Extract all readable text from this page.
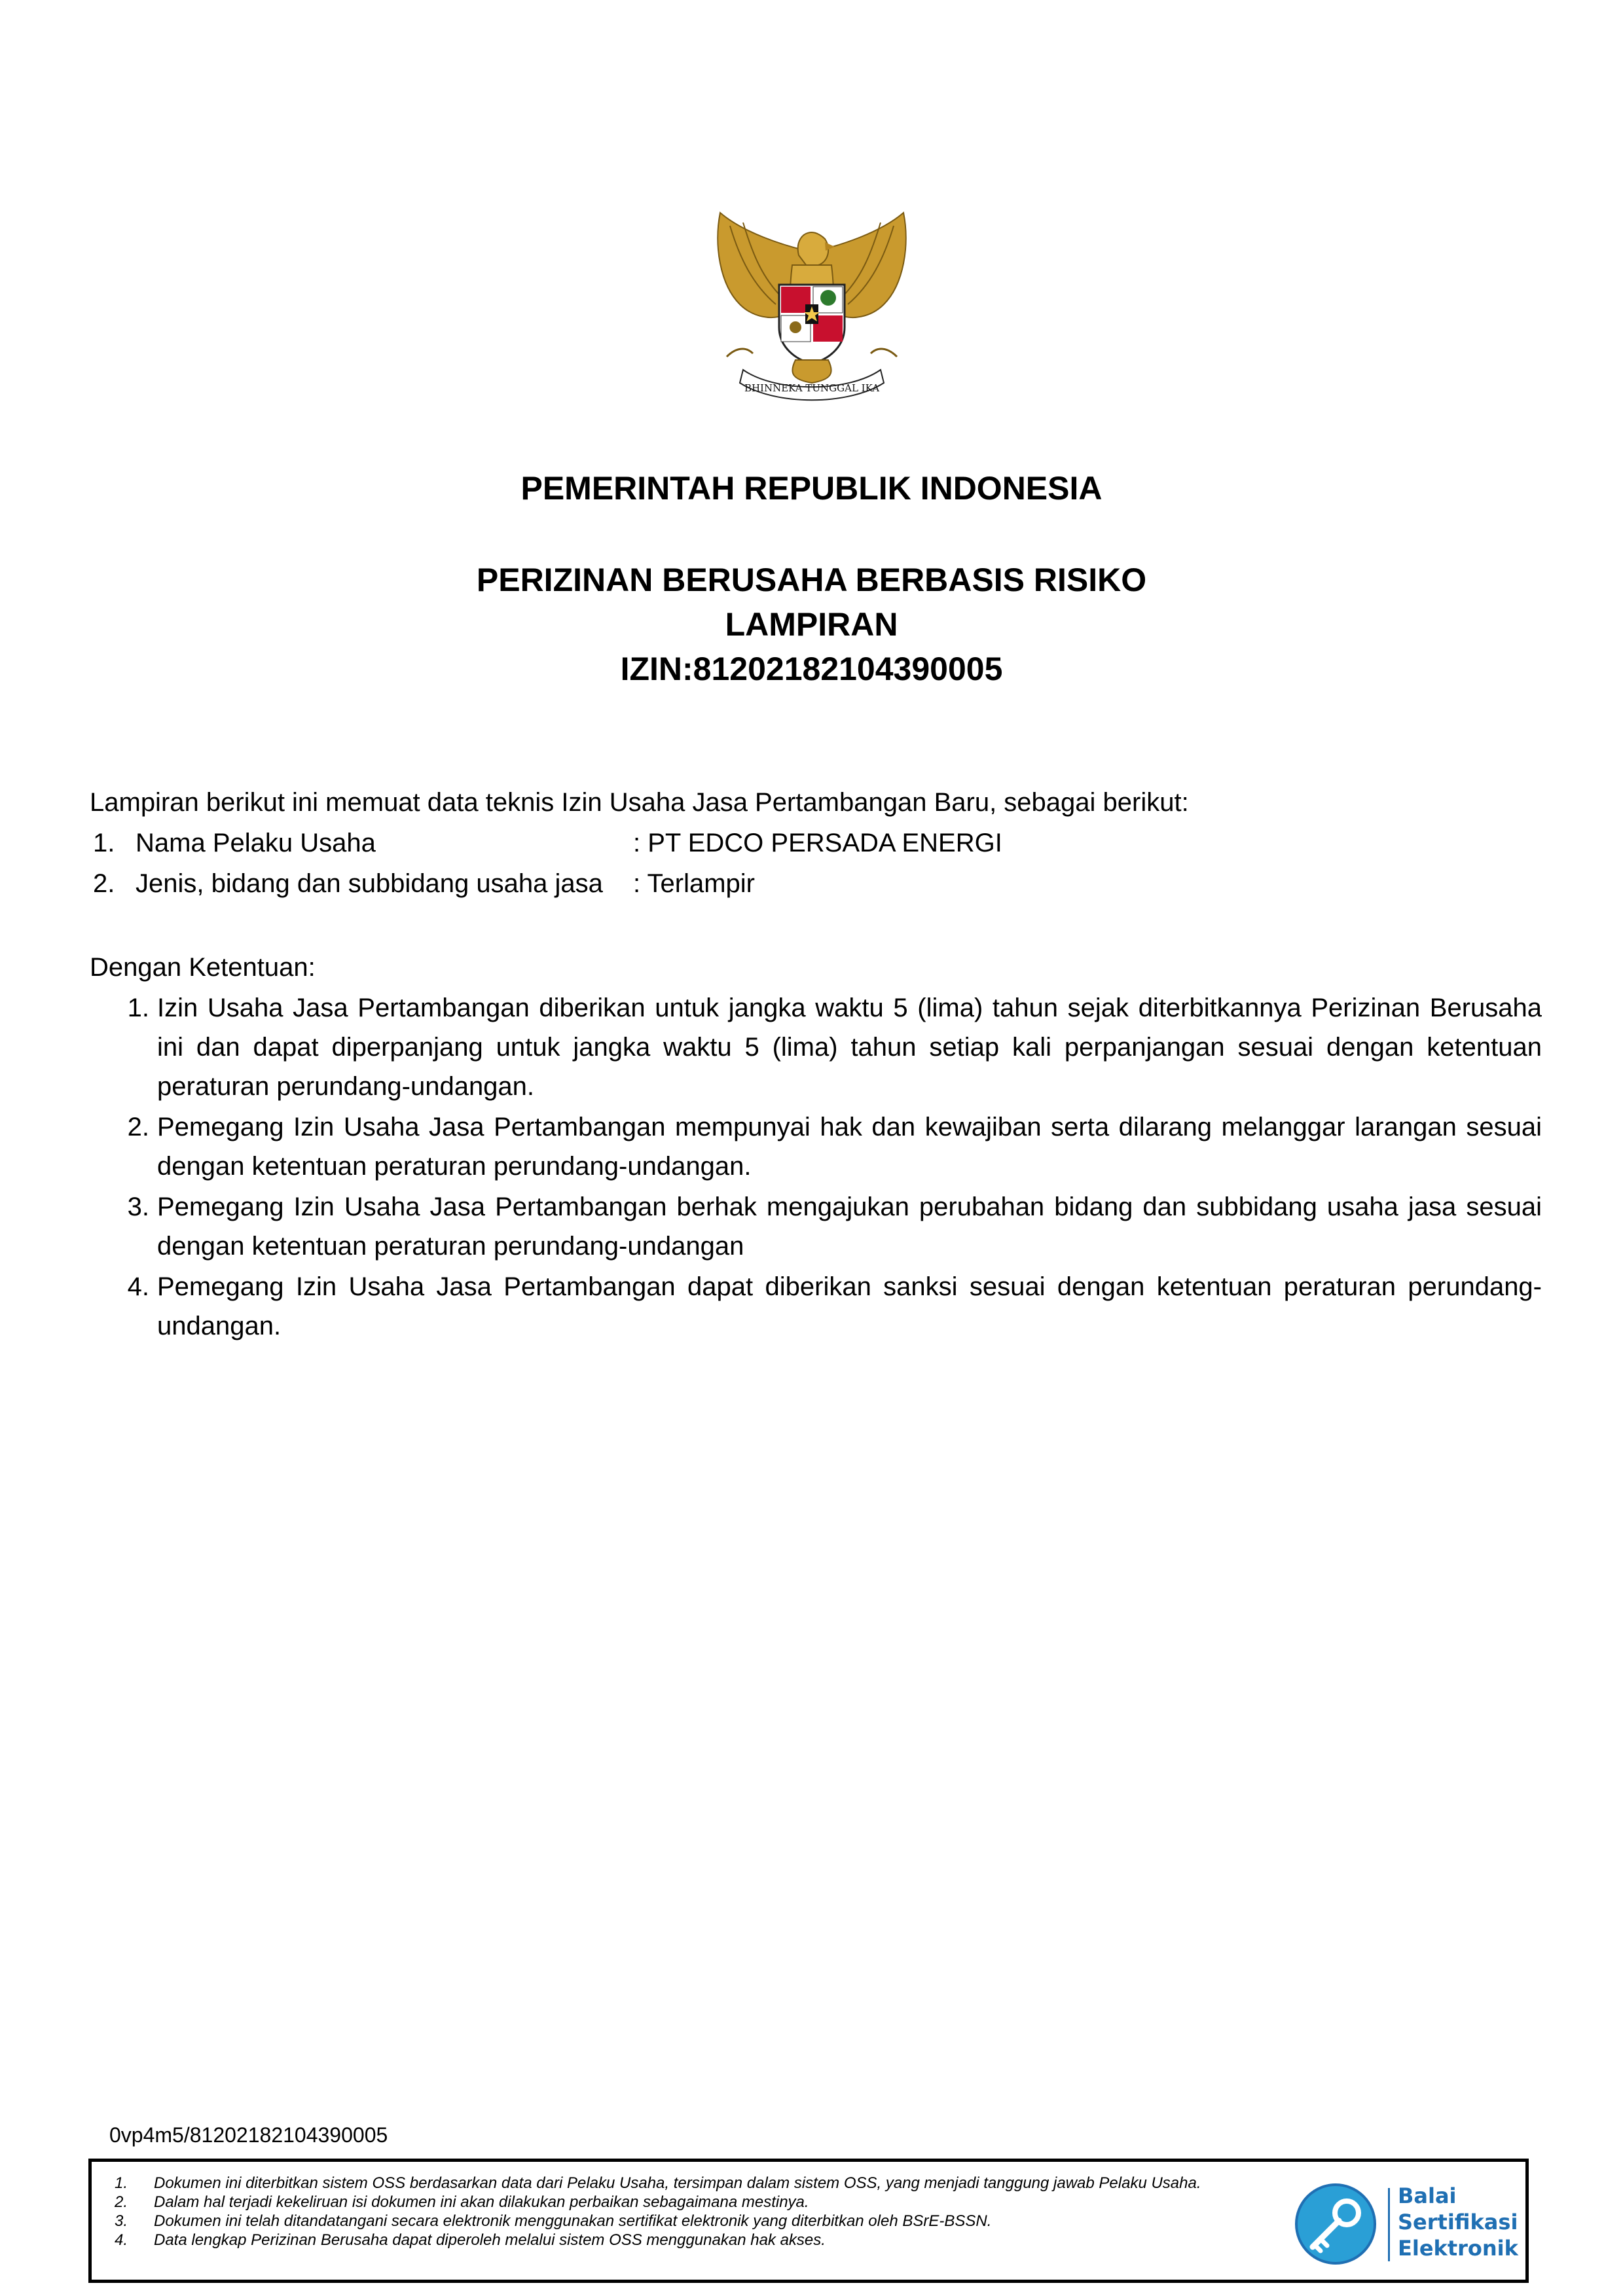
BHINNEKA TUNGGAL IKA
PEMERINTAH REPUBLIK INDONESIA
PERIZINAN BERUSAHA BERBASIS RISIKO
LAMPIRAN
IZIN:81202182104390005
Lampiran berikut ini memuat data teknis Izin Usaha Jasa Pertambangan Baru, sebagai berikut:
1. Nama Pelaku Usaha	: PT EDCO PERSADA ENERGI
2. Jenis, bidang dan subbidang usaha jasa	: Terlampir
Dengan Ketentuan:
1. Izin Usaha Jasa Pertambangan diberikan untuk jangka waktu 5 (lima) tahun sejak diterbitkannya Perizinan Berusaha ini dan dapat diperpanjang untuk jangka waktu 5 (lima) tahun setiap kali perpanjangan sesuai dengan ketentuan peraturan perundang-undangan.
2. Pemegang Izin Usaha Jasa Pertambangan mempunyai hak dan kewajiban serta dilarang melanggar larangan sesuai dengan ketentuan peraturan perundang-undangan.
3. Pemegang Izin Usaha Jasa Pertambangan berhak mengajukan perubahan bidang dan subbidang usaha jasa sesuai dengan ketentuan peraturan perundang-undangan
4. Pemegang Izin Usaha Jasa Pertambangan dapat diberikan sanksi sesuai dengan ketentuan peraturan perundang-undangan.
0vp4m5/81202182104390005
1.	Dokumen ini diterbitkan sistem OSS berdasarkan data dari Pelaku Usaha, tersimpan dalam sistem OSS, yang menjadi tanggung jawab Pelaku Usaha.
2.	Dalam hal terjadi kekeliruan isi dokumen ini akan dilakukan perbaikan sebagaimana mestinya.
3.	Dokumen ini telah ditandatangani secara elektronik menggunakan sertifikat elektronik yang diterbitkan oleh BSrE-BSSN.
4.	Data lengkap Perizinan Berusaha dapat diperoleh melalui sistem OSS menggunakan hak akses.
Balai
Sertifikasi
Elektronik
